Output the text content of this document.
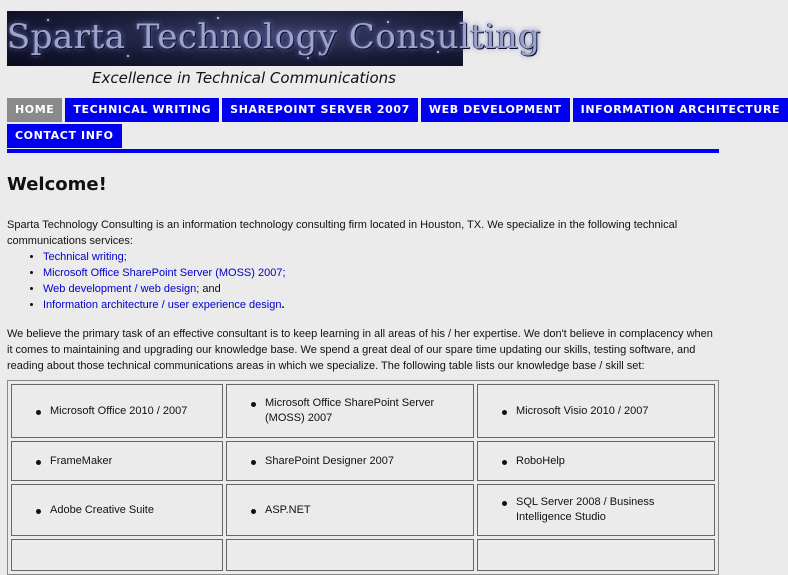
Sparta Technology Consulting
Excellence in Technical Communications
HOME	TECHNICAL WRITING	SHAREPOINT SERVER 2007	WEB DEVELOPMENT	INFORMATION ARCHITECTURE
CONTACT INFO
Welcome!

Sparta Technology Consulting is an information technology consulting firm located in Houston, TX. We specialize in the following technical communications services:

• Technical writing;
• Microsoft Office SharePoint Server (MOSS) 2007;
• Web development / web design; and
• Information architecture / user experience design.

We believe the primary task of an effective consultant is to keep learning in all areas of his / her expertise. We don't believe in complacency when it comes to maintaining and upgrading our knowledge base. We spend a great deal of our spare time updating our skills, testing software, and reading about those technical communications areas in which we specialize. The following table lists our knowledge base / skill set:

Microsoft Office 2010 / 2007	Microsoft Office SharePoint Server (MOSS) 2007	Microsoft Visio 2010 / 2007

FrameMaker	SharePoint Designer 2007	RoboHelp

Adobe Creative Suite	ASP.NET	SQL Server 2008 / Business Intelligence Studio
